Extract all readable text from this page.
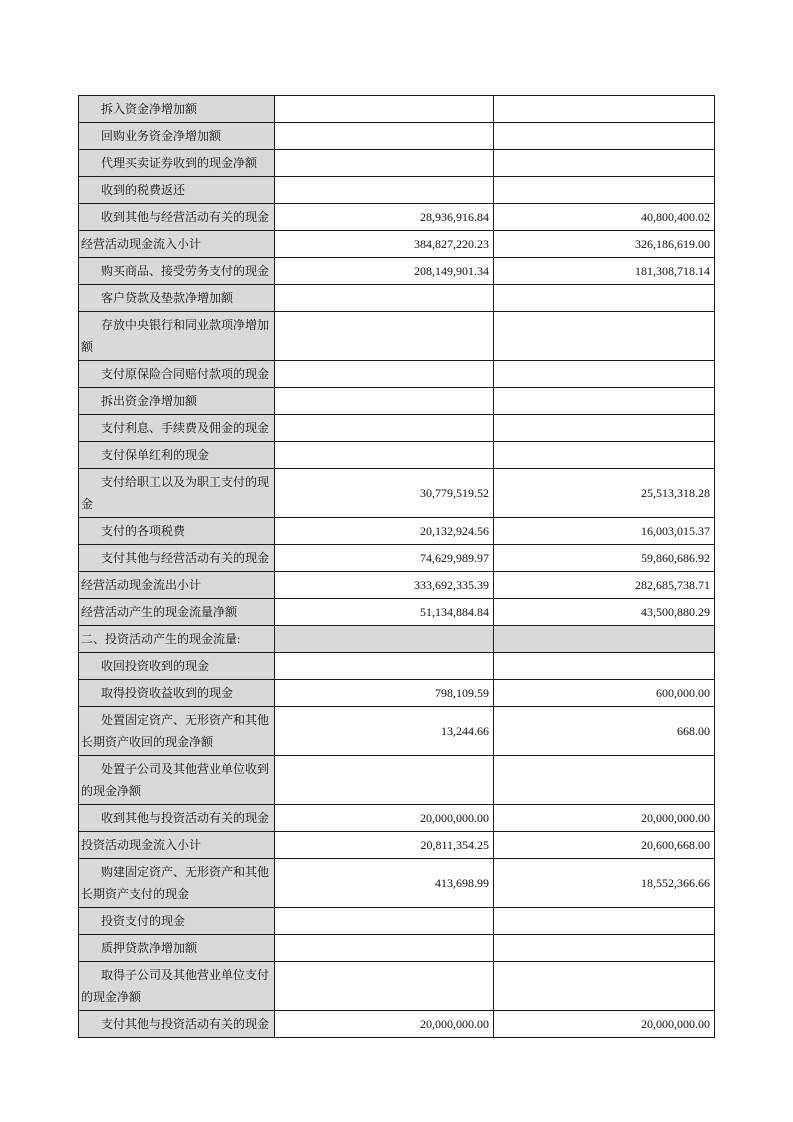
拆入资金净增加额		

回购业务资金净增加额		

代理买卖证券收到的现金净额		

收到的税费返还		

收到其他与经营活动有关的现金	28,936,916.84	40,800,400.02

经营活动现金流入小计	384,827,220.23	326,186,619.00

购买商品、接受劳务支付的现金	208,149,901.34	181,308,718.14

客户贷款及垫款净增加额		

存放中央银行和同业款项净增加额		

支付原保险合同赔付款项的现金		

拆出资金净增加额		

支付利息、手续费及佣金的现金		

支付保单红利的现金		

支付给职工以及为职工支付的现金	30,779,519.52	25,513,318.28

支付的各项税费	20,132,924.56	16,003,015.37

支付其他与经营活动有关的现金	74,629,989.97	59,860,686.92

经营活动现金流出小计	333,692,335.39	282,685,738.71

经营活动产生的现金流量净额	51,134,884.84	43,500,880.29

二、投资活动产生的现金流量:		

收回投资收到的现金		

取得投资收益收到的现金	798,109.59	600,000.00

处置固定资产、无形资产和其他长期资产收回的现金净额	13,244.66	668.00

处置子公司及其他营业单位收到的现金净额		

收到其他与投资活动有关的现金	20,000,000.00	20,000,000.00

投资活动现金流入小计	20,811,354.25	20,600,668.00

购建固定资产、无形资产和其他长期资产支付的现金	413,698.99	18,552,366.66

投资支付的现金		

质押贷款净增加额		

取得子公司及其他营业单位支付的现金净额		

支付其他与投资活动有关的现金	20,000,000.00	20,000,000.00
